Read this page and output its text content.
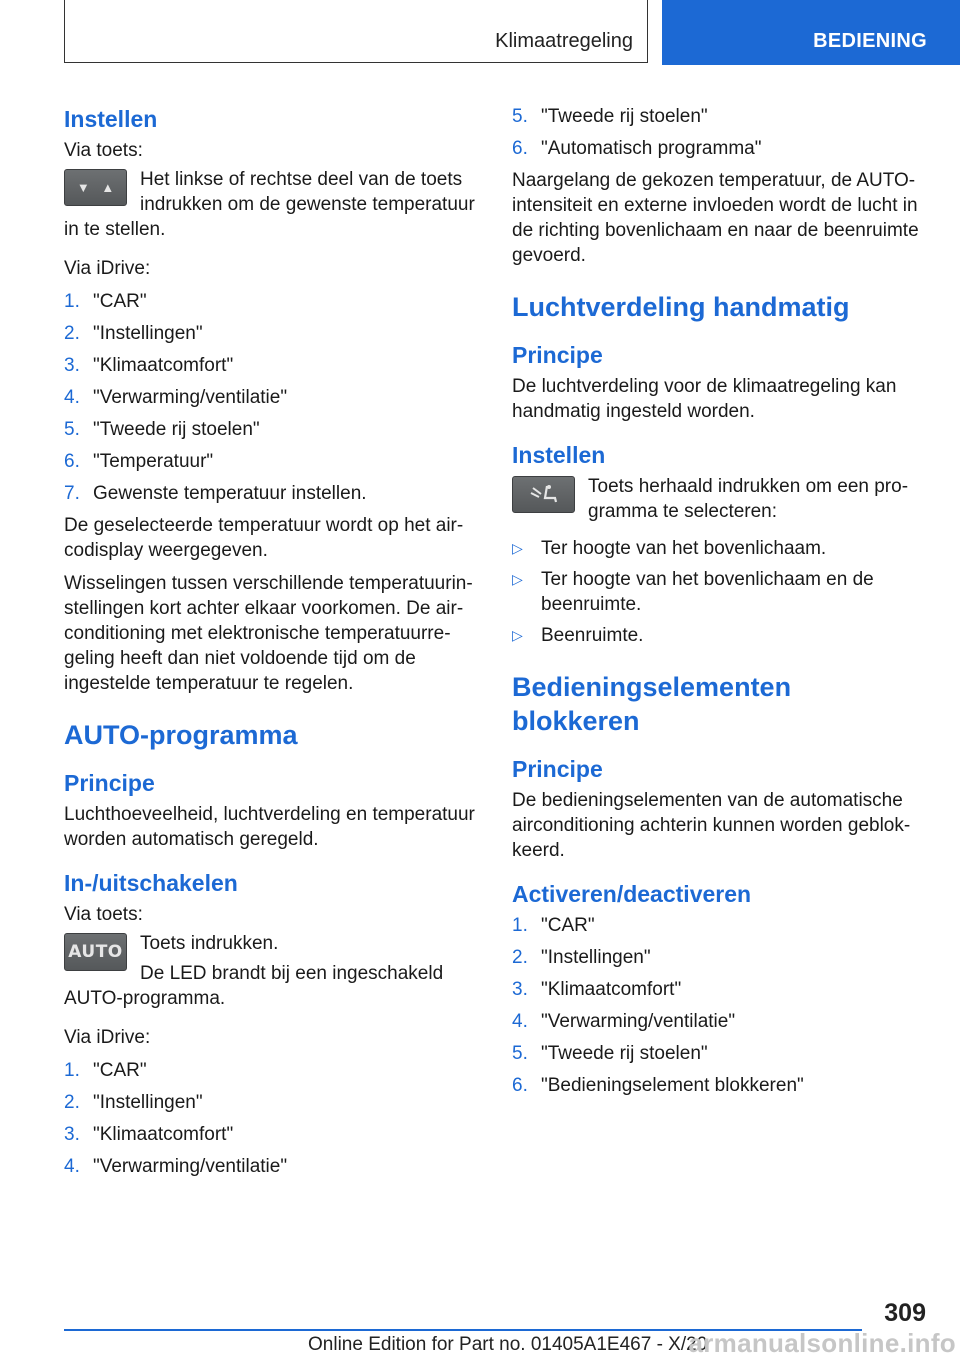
Klimaatregeling	BEDIENING
Instellen

Via toets:

▼ ▲ Het linkse of rechtse deel van de toets indrukken om de gewenste temperatuur in te stellen.

Via iDrive:

1. "CAR"
2. "Instellingen"
3. "Klimaatcomfort"
4. "Verwarming/ventilatie"
5. "Tweede rij stoelen"
6. "Temperatuur"
7. Gewenste temperatuur instellen.

De geselecteerde temperatuur wordt op het aircodisplay weergegeven.

Wisselingen tussen verschillende temperatuurinstellingen kort achter elkaar voorkomen. De airconditioning met elektronische temperatuurregeling heeft dan niet voldoende tijd om de ingestelde temperatuur te regelen.

AUTO-programma
Principe

Luchthoeveelheid, luchtverdeling en temperatuur worden automatisch geregeld.

In-/uitschakelen

Via toets:

AUTO Toets indrukken.
De LED brandt bij een ingeschakeld AUTO-programma.

Via iDrive:

1. "CAR"
2. "Instellingen"
3. "Klimaatcomfort"
4. "Verwarming/ventilatie"
5. "Tweede rij stoelen"
6. "Automatisch programma"

Naargelang de gekozen temperatuur, de AUTO-intensiteit en externe invloeden wordt de lucht in de richting bovenlichaam en naar de beenruimte gevoerd.

Luchtverdeling handmatig
Principe

De luchtverdeling voor de klimaatregeling kan handmatig ingesteld worden.

Instellen
Toets herhaald indrukken om een programma te selecteren:
▷ Ter hoogte van het bovenlichaam.
▷ Ter hoogte van het bovenlichaam en de beenruimte.
▷ Beenruimte.
Bedieningselementen blokkeren
Principe

De bedieningselementen van de automatische airconditioning achterin kunnen worden geblokkeerd.

Activeren/deactiveren
1. "CAR"
2. "Instellingen"
3. "Klimaatcomfort"
4. "Verwarming/ventilatie"
5. "Tweede rij stoelen"
6. "Bedieningselement blokkeren"
309
Online Edition for Part no. 01405A1E467 - X/20
armanualsonline.info
